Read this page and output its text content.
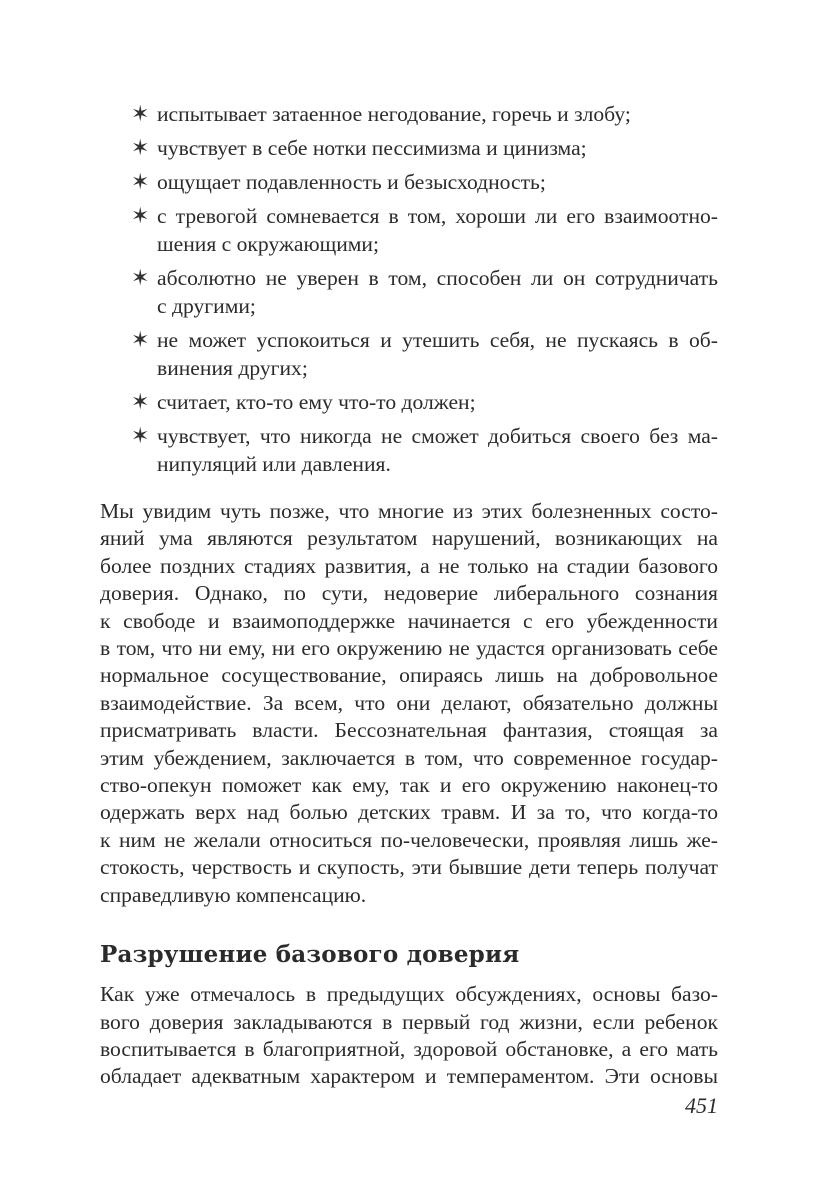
✶ испытывает затаенное негодование, горечь и злобу;
✶ чувствует в себе нотки пессимизма и цинизма;
✶ ощущает подавленность и безысходность;
✶ с тревогой сомневается в том, хороши ли его взаимоотно-
шения с окружающими;
✶ абсолютно не уверен в том, способен ли он сотрудничать
с другими;
✶ не может успокоиться и утешить себя, не пускаясь в об-
винения других;
✶ считает, кто-то ему что-то должен;
✶ чувствует, что никогда не сможет добиться своего без ма-
нипуляций или давления.
Мы увидим чуть позже, что многие из этих болезненных состо-
яний ума являются результатом нарушений, возникающих на
более поздних стадиях развития, а не только на стадии базового
доверия. Однако, по сути, недоверие либерального сознания
к свободе и взаимоподдержке начинается с его убежденности
в том, что ни ему, ни его окружению не удастся организовать себе
нормальное сосуществование, опираясь лишь на добровольное
взаимодействие. За всем, что они делают, обязательно должны
присматривать власти. Бессознательная фантазия, стоящая за
этим убеждением, заключается в том, что современное государ-
ство-опекун поможет как ему, так и его окружению наконец-то
одержать верх над болью детских травм. И за то, что когда-то
к ним не желали относиться по-человечески, проявляя лишь же-
стокость, черствость и скупость, эти бывшие дети теперь получат
справедливую компенсацию.
Разрушение базового доверия
Как уже отмечалось в предыдущих обсуждениях, основы базо-
вого доверия закладываются в первый год жизни, если ребенок
воспитывается в благоприятной, здоровой обстановке, а его мать
обладает адекватным характером и темпераментом. Эти основы
451
